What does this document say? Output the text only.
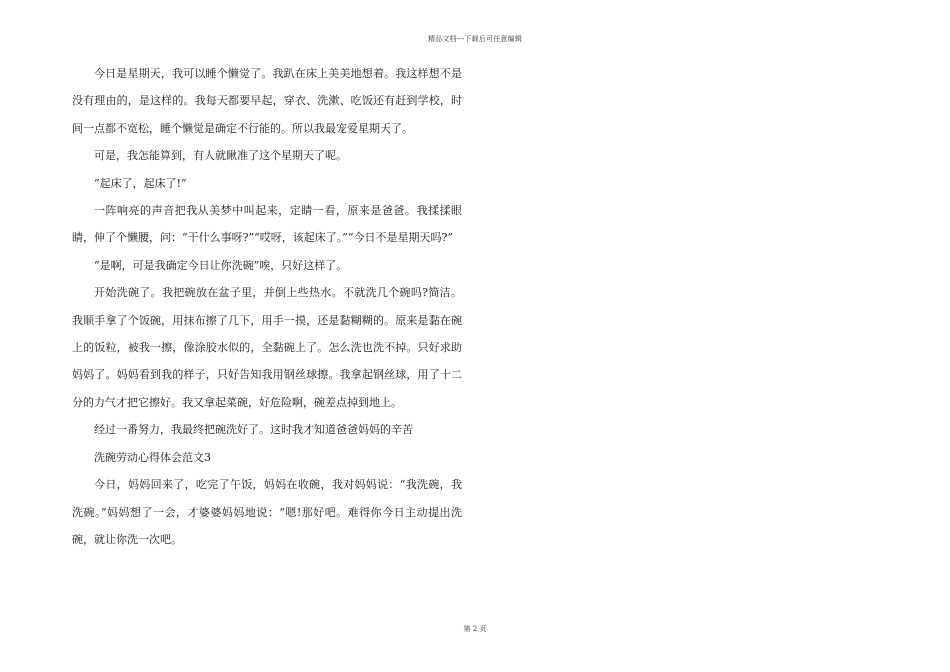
精品文档---下载后可任意编辑

今日是星期天，我可以睡个懒觉了。我趴在床上美美地想着。我这样想不是没有理由的，是这样的。我每天都要早起，穿衣、洗漱、吃饭还有赶到学校，时间一点都不宽松，睡个懒觉是确定不行能的。所以我最宠爱星期天了。

可是，我怎能算到，有人就瞅准了这个星期天了呢。

“起床了，起床了!”

一阵响亮的声音把我从美梦中叫起来，定睛一看，原来是爸爸。我揉揉眼睛，伸了个懒腰，问：“干什么事呀?”“哎呀，该起床了。”“今日不是星期天吗?”

“是啊，可是我确定今日让你洗碗”唉，只好这样了。

开始洗碗了。我把碗放在盆子里，并倒上些热水。不就洗几个碗吗?简洁。我顺手拿了个饭碗，用抹布擦了几下，用手一摸，还是黏糊糊的。原来是黏在碗上的饭粒，被我一擦，像涂胶水似的，全黏碗上了。怎么洗也洗不掉。只好求助妈妈了。妈妈看到我的样子，只好告知我用钢丝球擦。我拿起钢丝球，用了十二分的力气才把它擦好。我又拿起菜碗，好危险啊，碗差点掉到地上。

经过一番努力，我最终把碗洗好了。这时我才知道爸爸妈妈的辛苦

洗碗劳动心得体会范文3

今日，妈妈回来了，吃完了午饭，妈妈在收碗，我对妈妈说：“我洗碗，我洗碗。”妈妈想了一会，才婆婆妈妈地说：“嗯!那好吧。难得你今日主动提出洗碗，就让你洗一次吧。

第 2 页
